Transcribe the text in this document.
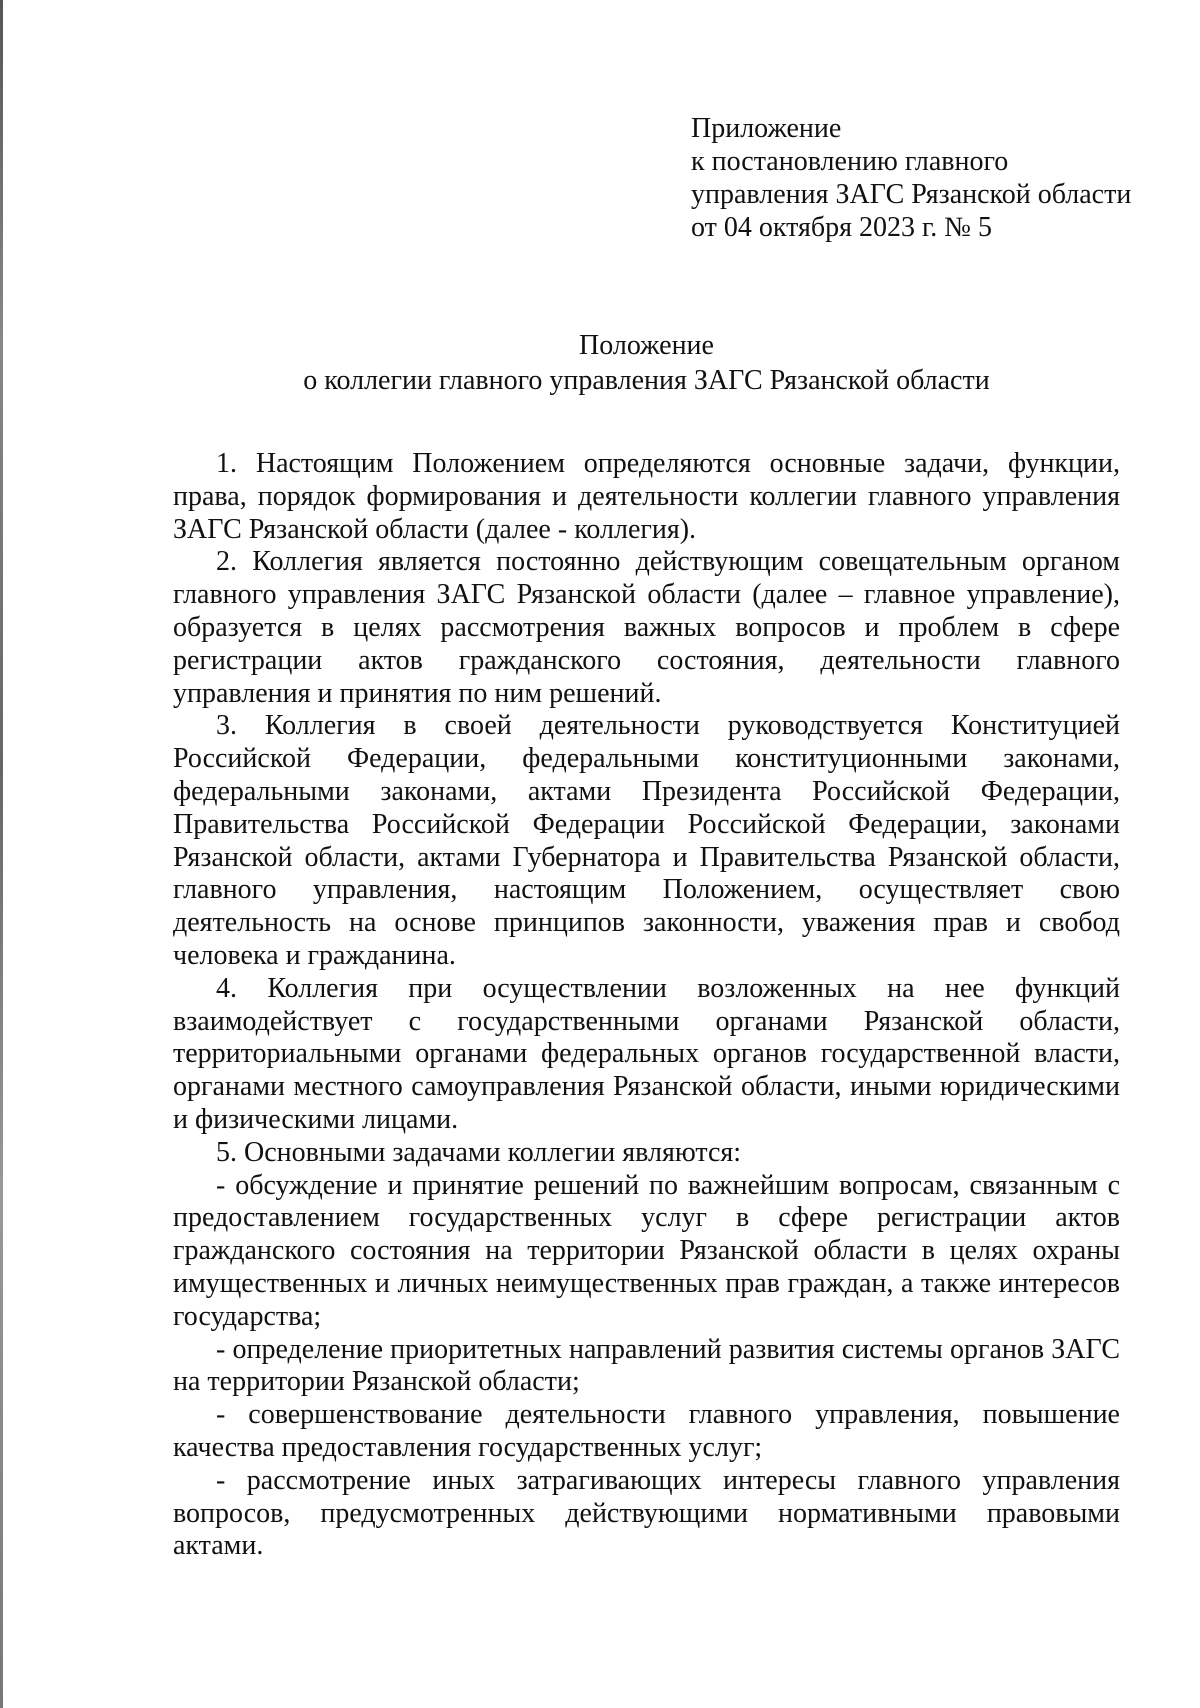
Приложение
к постановлению главного
управления ЗАГС Рязанской области
от 04 октября 2023 г. № 5
Положение
о коллегии главного управления ЗАГС Рязанской области

1. Настоящим Положением определяются основные задачи, функции, права, порядок формирования и деятельности коллегии главного управления ЗАГС Рязанской области (далее - коллегия).

2. Коллегия является постоянно действующим совещательным органом главного управления ЗАГС Рязанской области (далее – главное управление), образуется в целях рассмотрения важных вопросов и проблем в сфере регистрации актов гражданского состояния, деятельности главного управления и принятия по ним решений.

3. Коллегия в своей деятельности руководствуется Конституцией Российской Федерации, федеральными конституционными законами, федеральными законами, актами Президента Российской Федерации, Правительства Российской Федерации Российской Федерации, законами Рязанской области, актами Губернатора и Правительства Рязанской области, главного управления, настоящим Положением, осуществляет свою деятельность на основе принципов законности, уважения прав и свобод человека и гражданина.

4. Коллегия при осуществлении возложенных на нее функций взаимодействует с государственными органами Рязанской области, территориальными органами федеральных органов государственной власти, органами местного самоуправления Рязанской области, иными юридическими и физическими лицами.

5. Основными задачами коллегии являются:

- обсуждение и принятие решений по важнейшим вопросам, связанным с предоставлением государственных услуг в сфере регистрации актов гражданского состояния на территории Рязанской области в целях охраны имущественных и личных неимущественных прав граждан, а также интересов государства;

- определение приоритетных направлений развития системы органов ЗАГС на территории Рязанской области;

- совершенствование деятельности главного управления, повышение качества предоставления государственных услуг;

- рассмотрение иных затрагивающих интересы главного управления вопросов, предусмотренных действующими нормативными правовыми актами.
